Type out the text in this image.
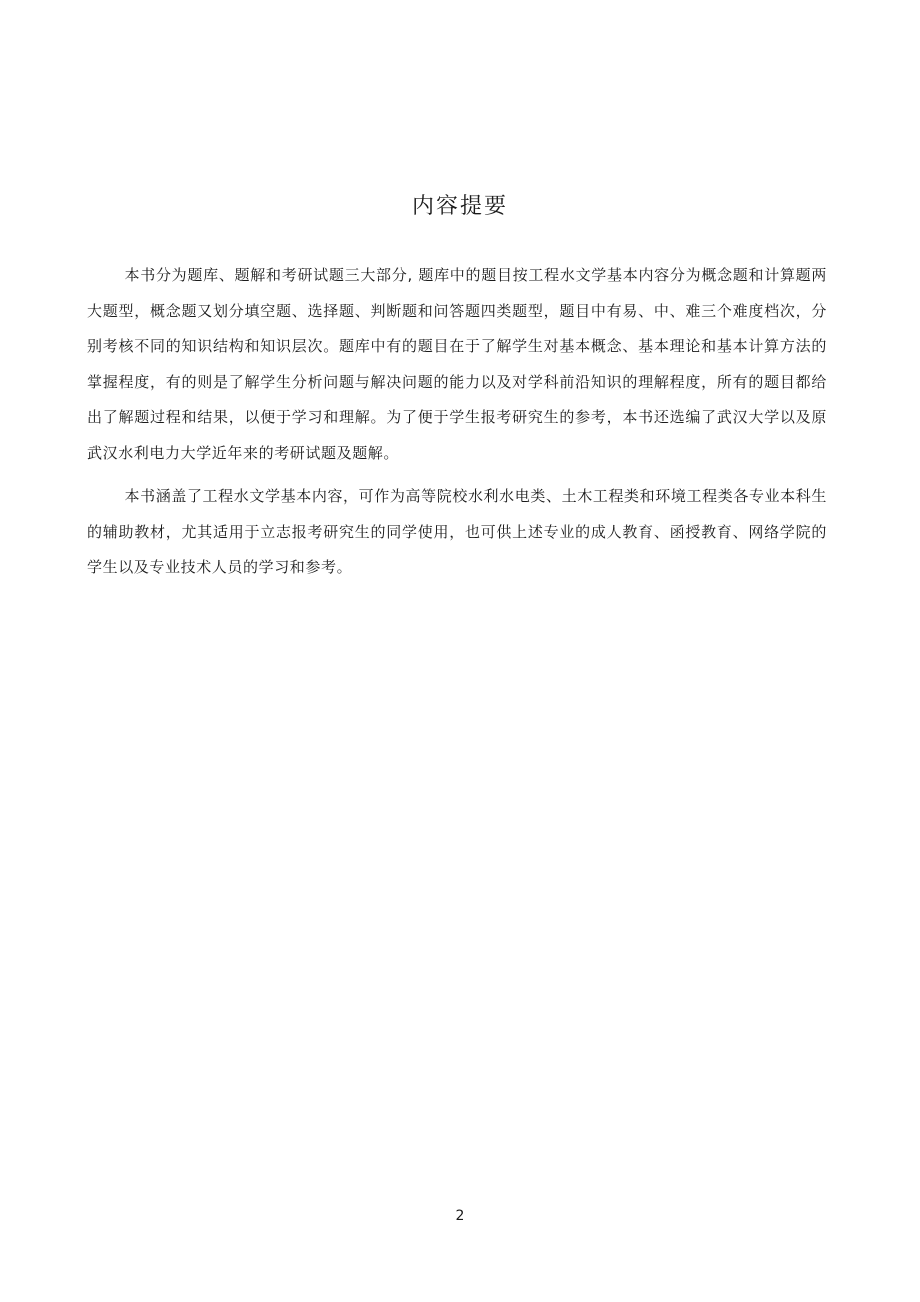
内容提要

本书分为题库、题解和考研试题三大部分, 题库中的题目按工程水文学基本内容分为概念题和计算题两大题型，概念题又划分填空题、选择题、判断题和问答题四类题型，题目中有易、中、难三个难度档次，分别考核不同的知识结构和知识层次。题库中有的题目在于了解学生对基本概念、基本理论和基本计算方法的掌握程度，有的则是了解学生分析问题与解决问题的能力以及对学科前沿知识的理解程度，所有的题目都给出了解题过程和结果，以便于学习和理解。为了便于学生报考研究生的参考，本书还选编了武汉大学以及原武汉水利电力大学近年来的考研试题及题解。

本书涵盖了工程水文学基本内容，可作为高等院校水利水电类、土木工程类和环境工程类各专业本科生的辅助教材，尤其适用于立志报考研究生的同学使用，也可供上述专业的成人教育、函授教育、网络学院的学生以及专业技术人员的学习和参考。

2
